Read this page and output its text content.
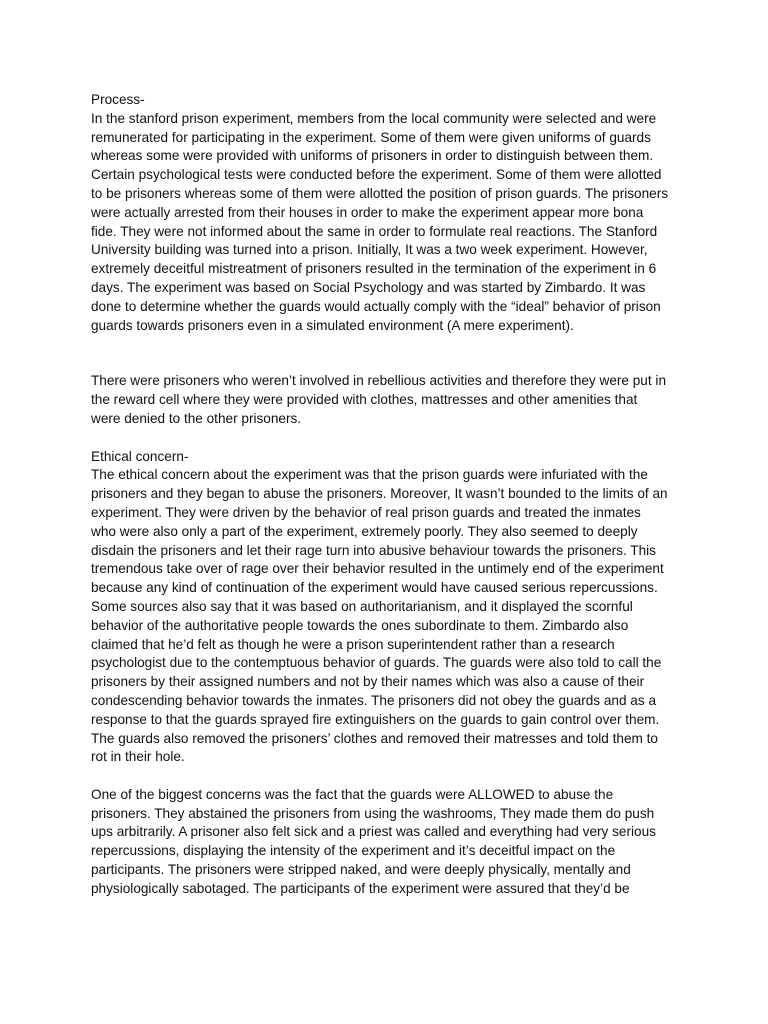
Process-

In the stanford prison experiment, members from the local community were selected and were
remunerated for participating in the experiment. Some of them were given uniforms of guards
whereas some were provided with uniforms of prisoners in order to distinguish between them.
Certain psychological tests were conducted before the experiment. Some of them were allotted
to be prisoners whereas some of them were allotted the position of prison guards. The prisoners
were actually arrested from their houses in order to make the experiment appear more bona
fide. They were not informed about the same in order to formulate real reactions. The Stanford
University building was turned into a prison. Initially, It was a two week experiment. However,
extremely deceitful mistreatment of prisoners resulted in the termination of the experiment in 6
days. The experiment was based on Social Psychology and was started by Zimbardo. It was
done to determine whether the guards would actually comply with the “ideal” behavior of prison
guards towards prisoners even in a simulated environment (A mere experiment).

There were prisoners who weren’t involved in rebellious activities and therefore they were put in
the reward cell where they were provided with clothes, mattresses and other amenities that
were denied to the other prisoners.

Ethical concern-

The ethical concern about the experiment was that the prison guards were infuriated with the
prisoners and they began to abuse the prisoners. Moreover, It wasn’t bounded to the limits of an
experiment. They were driven by the behavior of real prison guards and treated the inmates
who were also only a part of the experiment, extremely poorly. They also seemed to deeply
disdain the prisoners and let their rage turn into abusive behaviour towards the prisoners. This
tremendous take over of rage over their behavior resulted in the untimely end of the experiment
because any kind of continuation of the experiment would have caused serious repercussions.
Some sources also say that it was based on authoritarianism, and it displayed the scornful
behavior of the authoritative people towards the ones subordinate to them. Zimbardo also
claimed that he’d felt as though he were a prison superintendent rather than a research
psychologist due to the contemptuous behavior of guards. The guards were also told to call the
prisoners by their assigned numbers and not by their names which was also a cause of their
condescending behavior towards the inmates. The prisoners did not obey the guards and as a
response to that the guards sprayed fire extinguishers on the guards to gain control over them.
The guards also removed the prisoners’ clothes and removed their matresses and told them to
rot in their hole.

One of the biggest concerns was the fact that the guards were ALLOWED to abuse the
prisoners. They abstained the prisoners from using the washrooms, They made them do push
ups arbitrarily. A prisoner also felt sick and a priest was called and everything had very serious
repercussions, displaying the intensity of the experiment and it’s deceitful impact on the
participants. The prisoners were stripped naked, and were deeply physically, mentally and
physiologically sabotaged. The participants of the experiment were assured that they’d be
